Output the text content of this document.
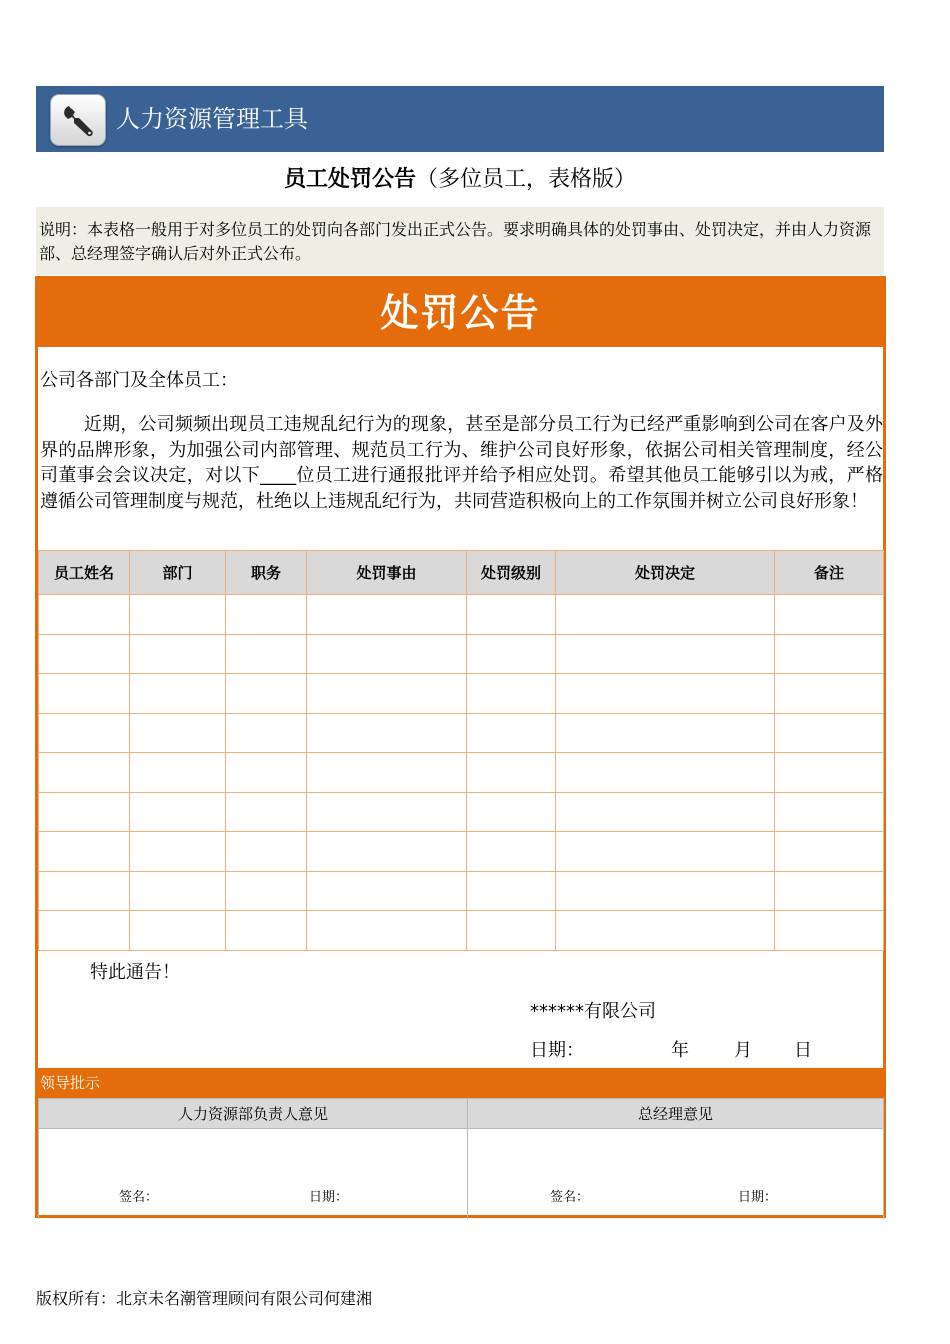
人力资源管理工具
员工处罚公告（多位员工，表格版）
说明：本表格一般用于对多位员工的处罚向各部门发出正式公告。要求明确具体的处罚事由、处罚决定，并由人力资源部、总经理签字确认后对外正式公布。
处罚公告
公司各部门及全体员工：
近期，公司频频出现员工违规乱纪行为的现象，甚至是部分员工行为已经严重影响到公司在客户及外界的品牌形象，为加强公司内部管理、规范员工行为、维护公司良好形象，依据公司相关管理制度，经公司董事会会议决定，对以下____位员工进行通报批评并给予相应处罚。希望其他员工能够引以为戒，严格遵循公司管理制度与规范，杜绝以上违规乱纪行为，共同营造积极向上的工作氛围并树立公司良好形象！
员工姓名	部门	职务	处罚事由	处罚级别	处罚决定	备注

特此通告！
******有限公司
日期：	年	月 日
领导批示
人力资源部负责人意见	总经理意见

签名： 日期：	签名： 日期：
版权所有：北京未名潮管理顾问有限公司何建湘
